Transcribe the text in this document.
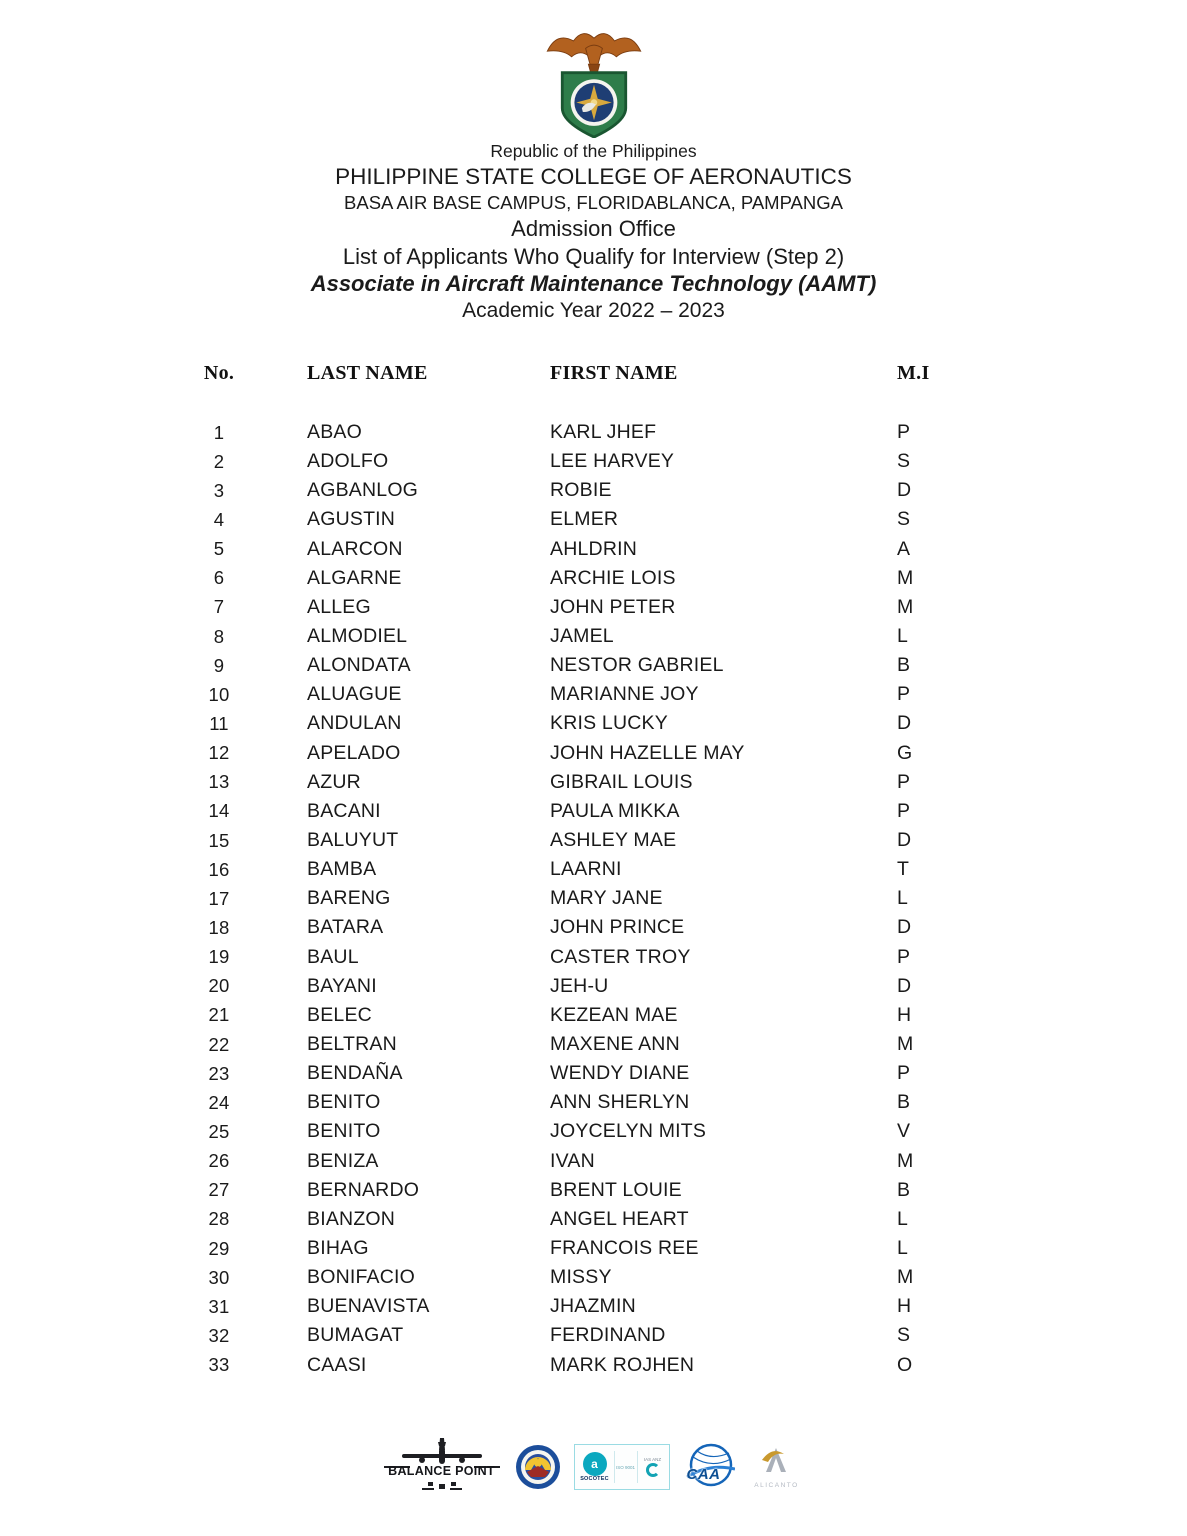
Republic of the Philippines
PHILIPPINE STATE COLLEGE OF AERONAUTICS
BASA AIR BASE CAMPUS, FLORIDABLANCA, PAMPANGA
Admission Office
List of Applicants Who Qualify for Interview (Step 2)
Associate in Aircraft Maintenance Technology (AAMT)
Academic Year 2022 – 2023
No.	LAST NAME	FIRST NAME	M.I
1	ABAO	KARL JHEF	P
2	ADOLFO	LEE HARVEY	S
3	AGBANLOG	ROBIE	D
4	AGUSTIN	ELMER	S
5	ALARCON	AHLDRIN	A
6	ALGARNE	ARCHIE LOIS	M
7	ALLEG	JOHN PETER	M
8	ALMODIEL	JAMEL	L
9	ALONDATA	NESTOR GABRIEL	B
10	ALUAGUE	MARIANNE JOY	P
11	ANDULAN	KRIS LUCKY	D
12	APELADO	JOHN HAZELLE MAY	G
13	AZUR	GIBRAIL LOUIS	P
14	BACANI	PAULA MIKKA	P
15	BALUYUT	ASHLEY MAE	D
16	BAMBA	LAARNI	T
17	BARENG	MARY JANE	L
18	BATARA	JOHN PRINCE	D
19	BAUL	CASTER TROY	P
20	BAYANI	JEH-U	D
21	BELEC	KEZEAN MAE	H
22	BELTRAN	MAXENE ANN	M
23	BENDAÑA	WENDY DIANE	P
24	BENITO	ANN SHERLYN	B
25	BENITO	JOYCELYN MITS	V
26	BENIZA	IVAN	M
27	BERNARDO	BRENT LOUIE	B
28	BIANZON	ANGEL HEART	L
29	BIHAG	FRANCOIS REE	L
30	BONIFACIO	MISSY	M
31	BUENAVISTA	JHAZMIN	H
32	BUMAGAT	FERDINAND	S
33	CAASI	MARK ROJHEN	O
BALANCE POINT	a
SOCOTEC
ISO 9001
IAS ANZ
CAA
ALICANTO
